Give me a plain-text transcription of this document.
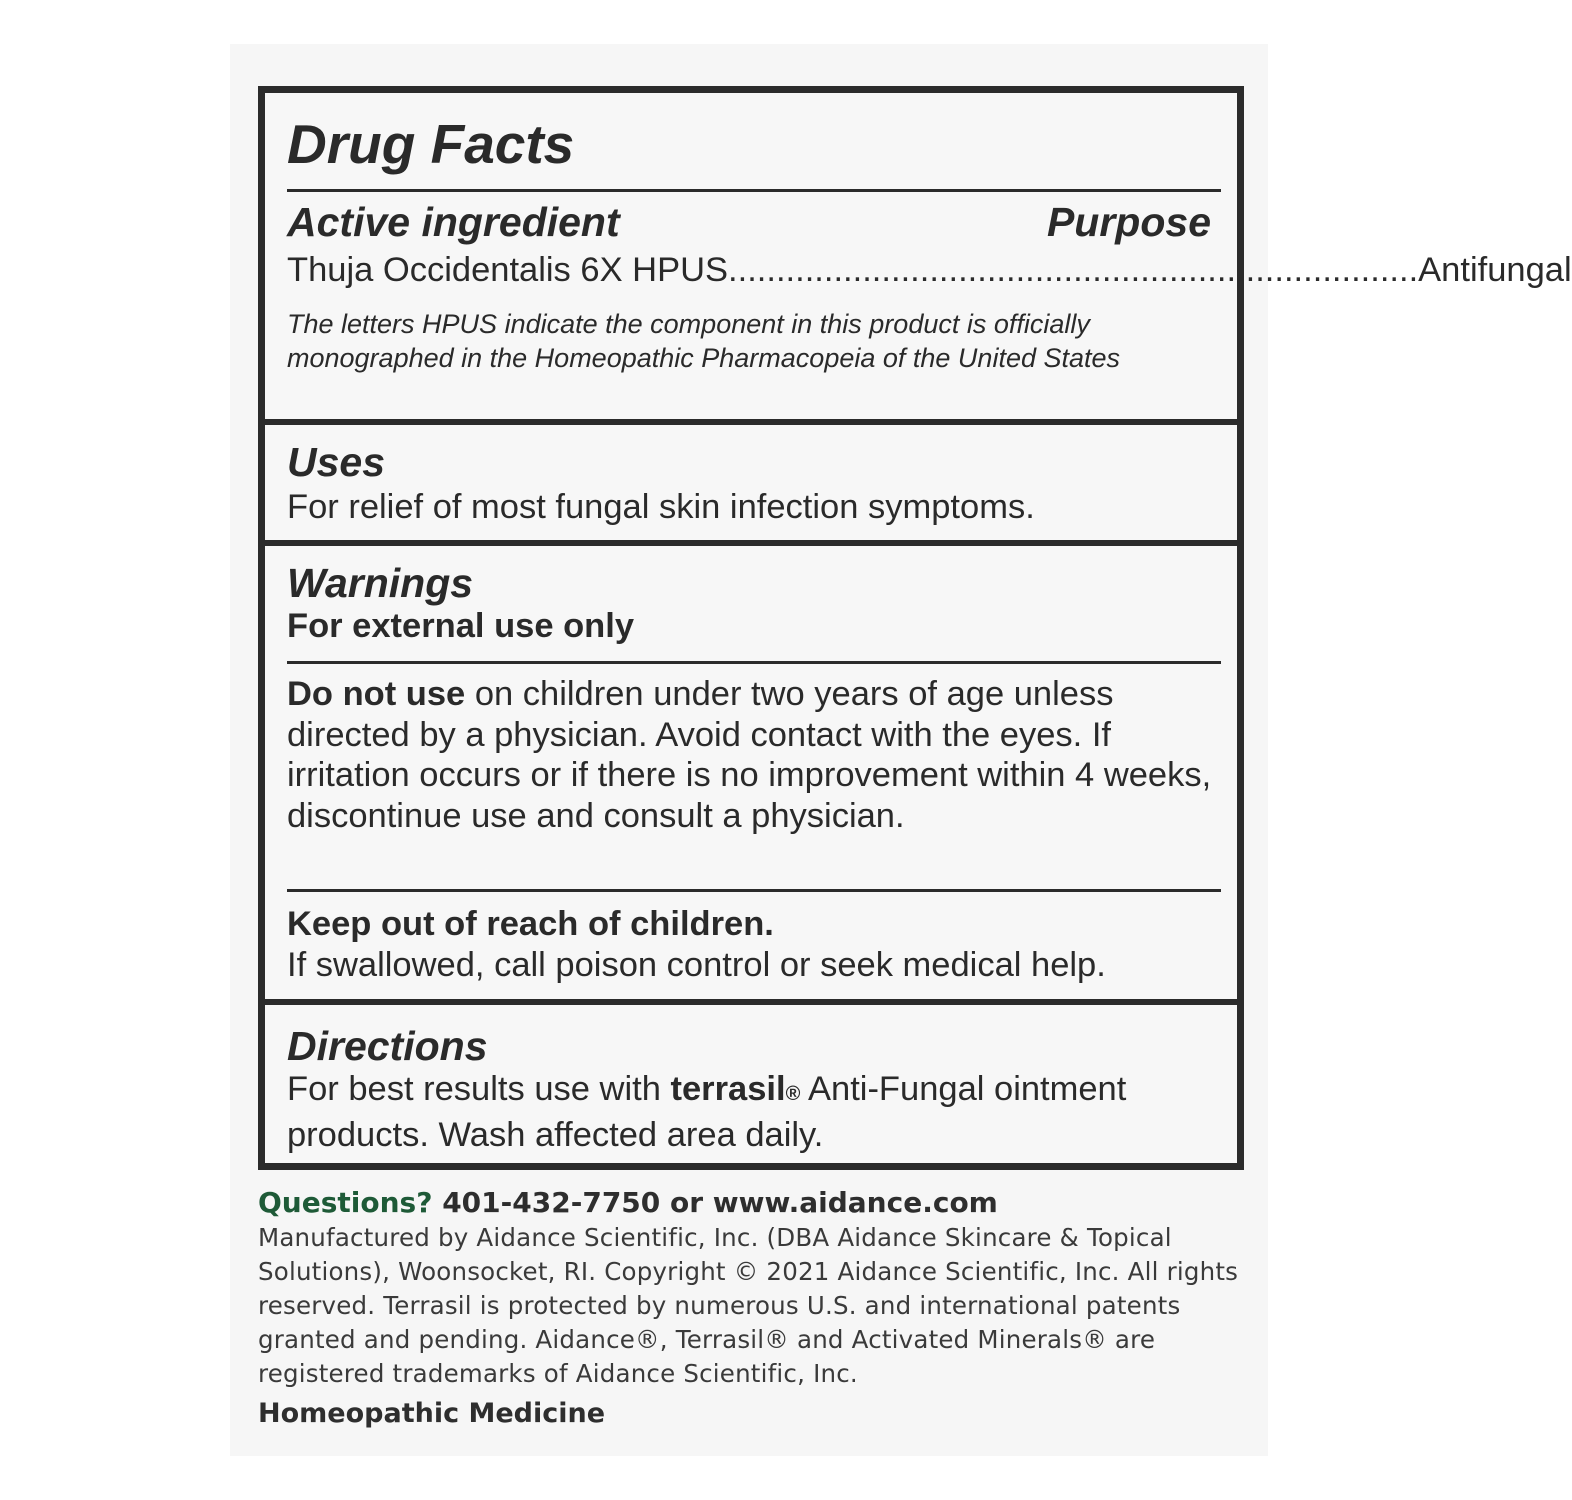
Drug Facts
Active ingredient	Purpose
Thuja Occidentalis 6X HPUS ........................................................................ Antifungal
The letters HPUS indicate the component in this product is officially monographed in the Homeopathic Pharmacopeia of the United States
Uses
For relief of most fungal skin infection symptoms.
Warnings
For external use only
Do not use on children under two years of age unless directed by a physician. Avoid contact with the eyes. If irritation occurs or if there is no improvement within 4 weeks, discontinue use and consult a physician.
Keep out of reach of children.
If swallowed, call poison control or seek medical help.
Directions
For best results use with terrasil® Anti-Fungal ointment products. Wash affected area daily.
Questions? 401-432-7750 or www.aidance.com
Manufactured by Aidance Scientific, Inc. (DBA Aidance Skincare & Topical Solutions), Woonsocket, RI. Copyright © 2021 Aidance Scientific, Inc. All rights reserved. Terrasil is protected by numerous U.S. and international patents granted and pending. Aidance®, Terrasil® and Activated Minerals® are registered trademarks of Aidance Scientific, Inc.
Homeopathic Medicine
